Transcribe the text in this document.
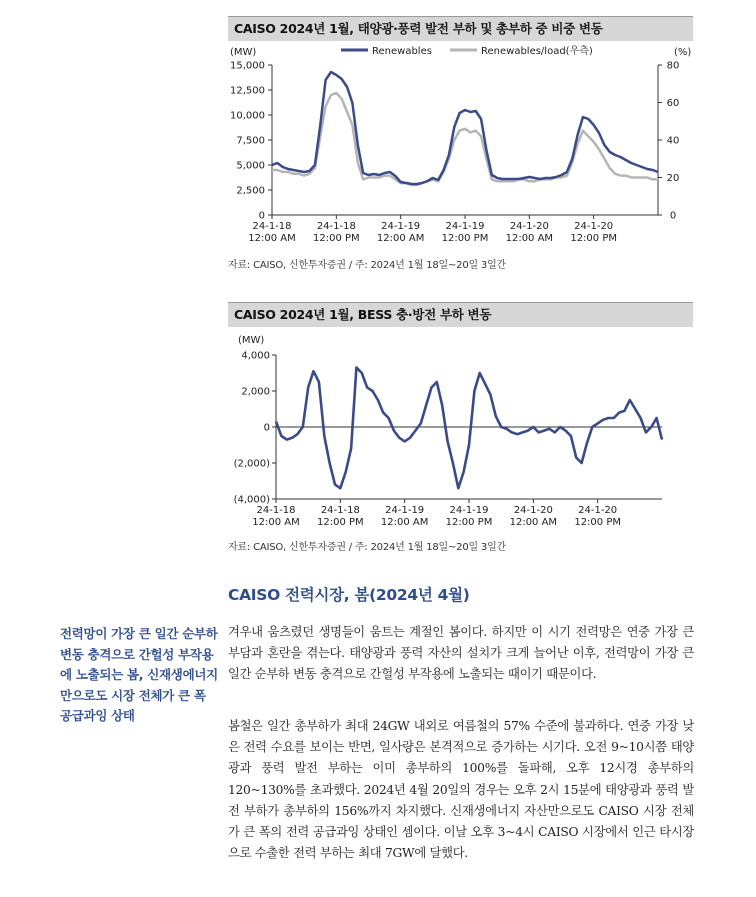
CAISO 2024년 1월, 태양광·풍력 발전 부하 및 총부하 중 비중 변동
(MW)	(%)
Renewables	Renewables/load(우측)
15,000
12,500
10,000
7,500
5,000
2,500
0
80
60
40
20
0
24-1-18
12:00 AM
24-1-18
12:00 PM
24-1-19
12:00 AM
24-1-19
12:00 PM
24-1-20
12:00 AM
24-1-20
12:00 PM
자료: CAISO, 신한투자증권 / 주: 2024년 1월 18일~20일 3일간
CAISO 2024년 1월, BESS 충·방전 부하 변동
(MW)
4,000
2,000
0
(2,000)
(4,000)
24-1-18
12:00 AM
24-1-18
12:00 PM
24-1-19
12:00 AM
24-1-19
12:00 PM
24-1-20
12:00 AM
24-1-20
12:00 PM
자료: CAISO, 신한투자증권 / 주: 2024년 1월 18일~20일 3일간
CAISO 전력시장, 봄(2024년 4월)
전력망이 가장 큰 일간 순부하 변동 충격으로 간헐성 부작용에 노출되는 봄, 신재생에너지만으로도 시장 전체가 큰 폭 공급과잉 상태

겨우내 움츠렸던 생명들이 움트는 계절인 봄이다. 하지만 이 시기 전력망은 연중 가장 큰 부담과 혼란을 겪는다. 태양광과 풍력 자산의 설치가 크게 늘어난 이후, 전력망이 가장 큰 일간 순부하 변동 충격으로 간헐성 부작용에 노출되는 때이기 때문이다.

봄철은 일간 총부하가 최대 24GW 내외로 여름철의 57% 수준에 불과하다. 연중 가장 낮은 전력 수요를 보이는 반면, 일사량은 본격적으로 증가하는 시기다. 오전 9~10시쯤 태양광과 풍력 발전 부하는 이미 총부하의 100%를 돌파해, 오후 12시경 총부하의 120~130%를 초과했다. 2024년 4월 20일의 경우는 오후 2시 15분에 태양광과 풍력 발전 부하가 총부하의 156%까지 차지했다. 신재생에너지 자산만으로도 CAISO 시장 전체가 큰 폭의 전력 공급과잉 상태인 셈이다. 이날 오후 3~4시 CAISO 시장에서 인근 타시장으로 수출한 전력 부하는 최대 7GW에 달했다.
